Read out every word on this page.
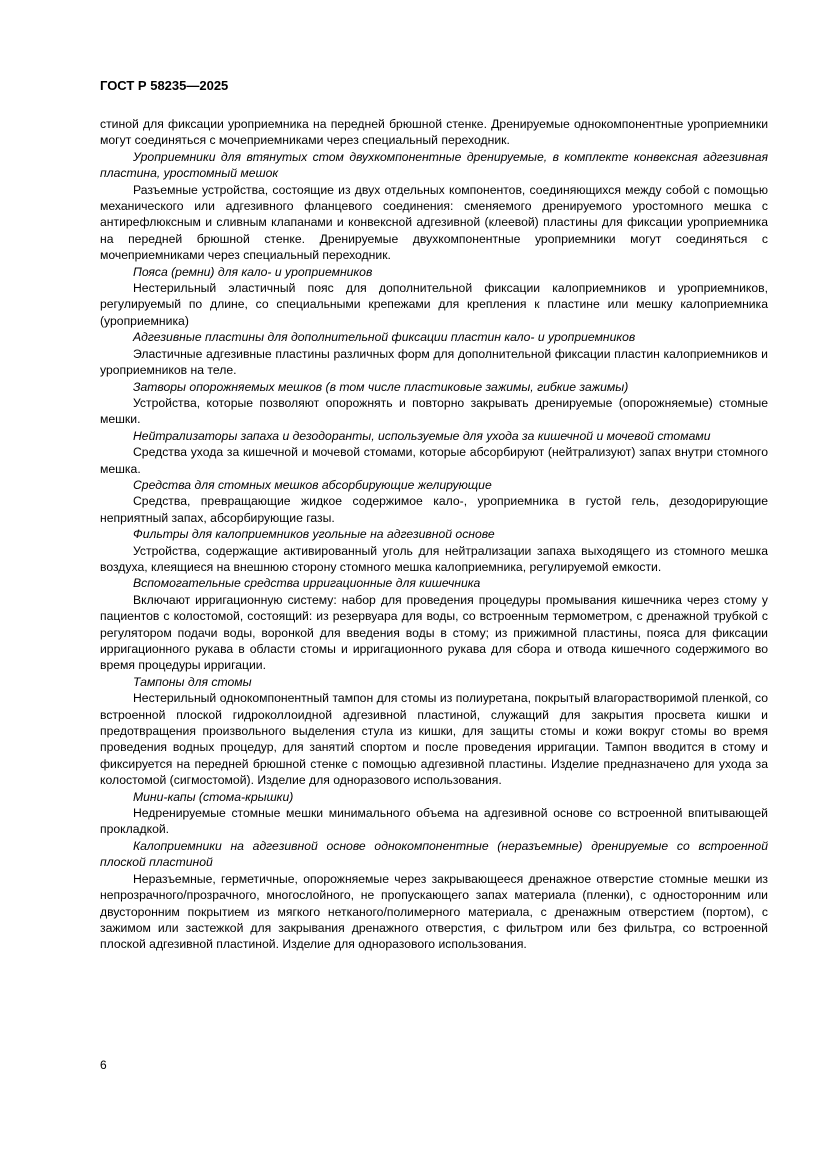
ГОСТ Р 58235—2025

стиной для фиксации уроприемника на передней брюшной стенке. Дренируемые однокомпонентные уроприемники могут соединяться с мочеприемниками через специальный переходник.

Уроприемники для втянутых стом двухкомпонентные дренируемые, в комплекте конвексная адгезивная пластина, уростомный мешок

Разъемные устройства, состоящие из двух отдельных компонентов, соединяющихся между собой с помощью механического или адгезивного фланцевого соединения: сменяемого дренируемого уростомного мешка с антирефлюксным и сливным клапанами и конвексной адгезивной (клеевой) пластины для фиксации уроприемника на передней брюшной стенке. Дренируемые двухкомпонентные уроприемники могут соединяться с мочеприемниками через специальный переходник.

Пояса (ремни) для кало- и уроприемников

Нестерильный эластичный пояс для дополнительной фиксации калоприемников и уроприемников, регулируемый по длине, со специальными крепежами для крепления к пластине или мешку калоприемника (уроприемника)

Адгезивные пластины для дополнительной фиксации пластин кало- и уроприемников

Эластичные адгезивные пластины различных форм для дополнительной фиксации пластин калоприемников и уроприемников на теле.

Затворы опорожняемых мешков (в том числе пластиковые зажимы, гибкие зажимы)

Устройства, которые позволяют опорожнять и повторно закрывать дренируемые (опорожняемые) стомные мешки.

Нейтрализаторы запаха и дезодоранты, используемые для ухода за кишечной и мочевой стомами

Средства ухода за кишечной и мочевой стомами, которые абсорбируют (нейтрализуют) запах внутри стомного мешка.

Средства для стомных мешков абсорбирующие желирующие

Средства, превращающие жидкое содержимое кало-, уроприемника в густой гель, дезодорирующие неприятный запах, абсорбирующие газы.

Фильтры для калоприемников угольные на адгезивной основе

Устройства, содержащие активированный уголь для нейтрализации запаха выходящего из стомного мешка воздуха, клеящиеся на внешнюю сторону стомного мешка калоприемника, регулируемой емкости.

Вспомогательные средства ирригационные для кишечника

Включают ирригационную систему: набор для проведения процедуры промывания кишечника через стому у пациентов с колостомой, состоящий: из резервуара для воды, со встроенным термометром, с дренажной трубкой с регулятором подачи воды, воронкой для введения воды в стому; из прижимной пластины, пояса для фиксации ирригационного рукава в области стомы и ирригационного рукава для сбора и отвода кишечного содержимого во время процедуры ирригации.

Тампоны для стомы

Нестерильный однокомпонентный тампон для стомы из полиуретана, покрытый влагорастворимой пленкой, со встроенной плоской гидроколлоидной адгезивной пластиной, служащий для закрытия просвета кишки и предотвращения произвольного выделения стула из кишки, для защиты стомы и кожи вокруг стомы во время проведения водных процедур, для занятий спортом и после проведения ирригации. Тампон вводится в стому и фиксируется на передней брюшной стенке с помощью адгезивной пластины. Изделие предназначено для ухода за колостомой (сигмостомой). Изделие для одноразового использования.

Мини-капы (стома-крышки)

Недренируемые стомные мешки минимального объема на адгезивной основе со встроенной впитывающей прокладкой.

Калоприемники на адгезивной основе однокомпонентные (неразъемные) дренируемые со встроенной плоской пластиной

Неразъемные, герметичные, опорожняемые через закрывающееся дренажное отверстие стомные мешки из непрозрачного/прозрачного, многослойного, не пропускающего запах материала (пленки), с односторонним или двусторонним покрытием из мягкого нетканого/полимерного материала, с дренажным отверстием (портом), с зажимом или застежкой для закрывания дренажного отверстия, с фильтром или без фильтра, со встроенной плоской адгезивной пластиной. Изделие для одноразового использования.

6
